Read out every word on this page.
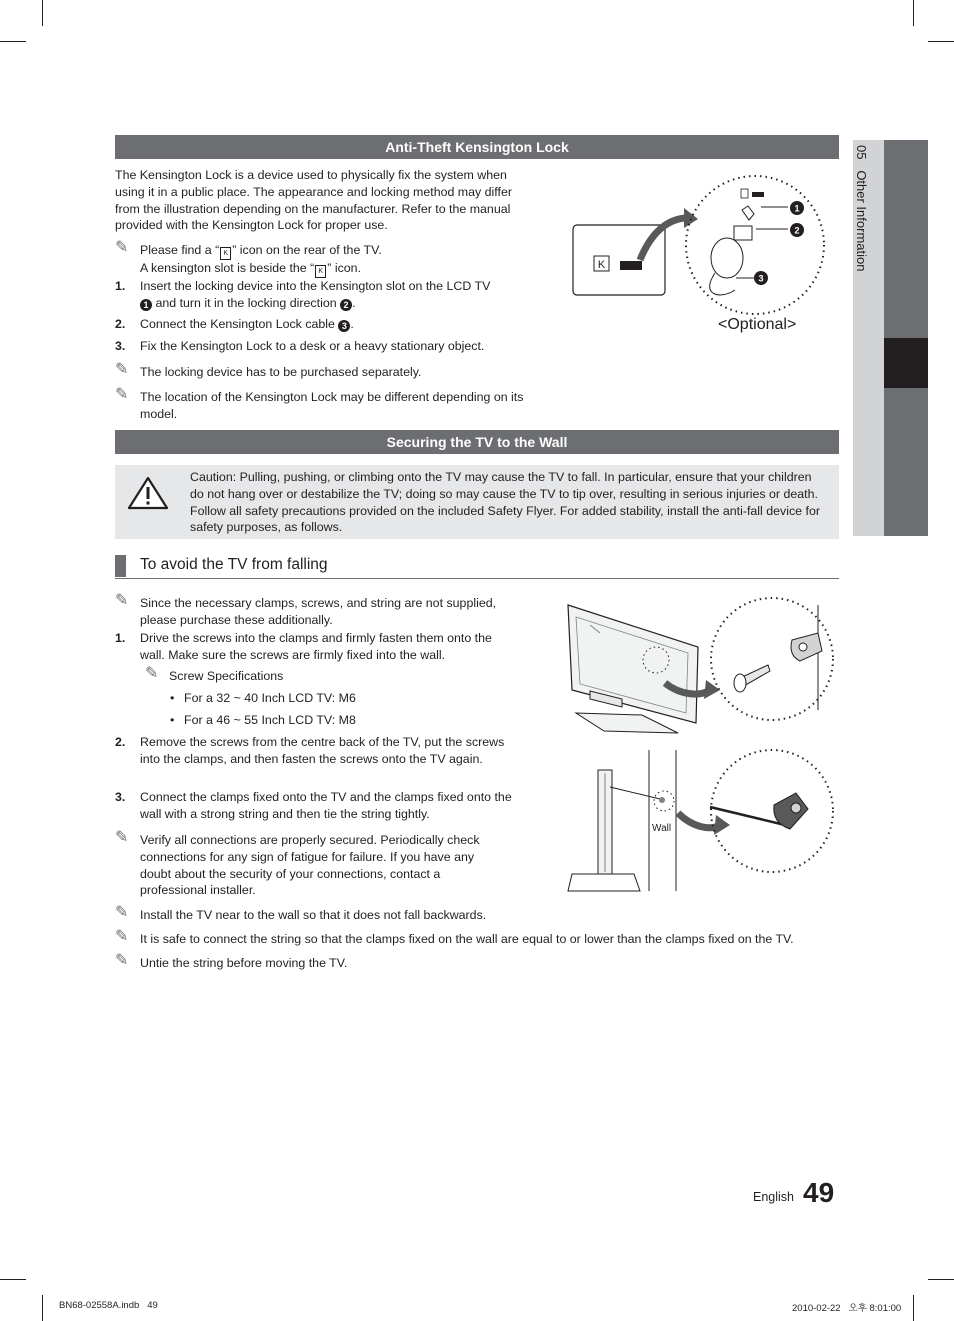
05   Other Information
Anti-Theft Kensington Lock
The Kensington Lock is a device used to physically fix the system when using it in a public place. The appearance and locking method may differ from the illustration depending on the manufacturer. Refer to the manual provided with the Kensington Lock for proper use.
✎ Please find a “ K ” icon on the rear of the TV.
A kensington slot is beside the “ K ” icon.
1. Insert the locking device into the Kensington slot on the LCD TV
1 and turn it in the locking direction 2 .
2. Connect the Kensington Lock cable 3 .
3. Fix the Kensington Lock to a desk or a heavy stationary object.
✎ The locking device has to be purchased separately.
✎ The location of the Kensington Lock may be different depending on its model.
K
1
2
3
<Optional>
Securing the TV to the Wall
Caution: Pulling, pushing, or climbing onto the TV may cause the TV to fall. In particular, ensure that your children do not hang over or destabilize the TV; doing so may cause the TV to tip over, resulting in serious injuries or death. Follow all safety precautions provided on the included Safety Flyer. For added stability, install the anti-fall device for safety purposes, as follows.
To avoid the TV from falling
✎ Since the necessary clamps, screws, and string are not supplied, please purchase these additionally.
1. Drive the screws into the clamps and firmly fasten them onto the wall. Make sure the screws are firmly fixed into the wall.
✎ Screw Specifications
• For a 32 ~ 40 Inch LCD TV: M6
• For a 46 ~ 55 Inch LCD TV: M8
2. Remove the screws from the centre back of the TV, put the screws into the clamps, and then fasten the screws onto the TV again.
3. Connect the clamps fixed onto the TV and the clamps fixed onto the wall with a strong string and then tie the string tightly.
✎ Verify all connections are properly secured. Periodically check connections for any sign of fatigue for failure. If you have any doubt about the security of your connections, contact a professional installer.
✎ Install the TV near to the wall so that it does not fall backwards.
✎ It is safe to connect the string so that the clamps fixed on the wall are equal to or lower than the clamps fixed on the TV.
✎ Untie the string before moving the TV.
Wall
English 49
BN68-02558A.indb   49	2010-02-22   오후 8:01:00
